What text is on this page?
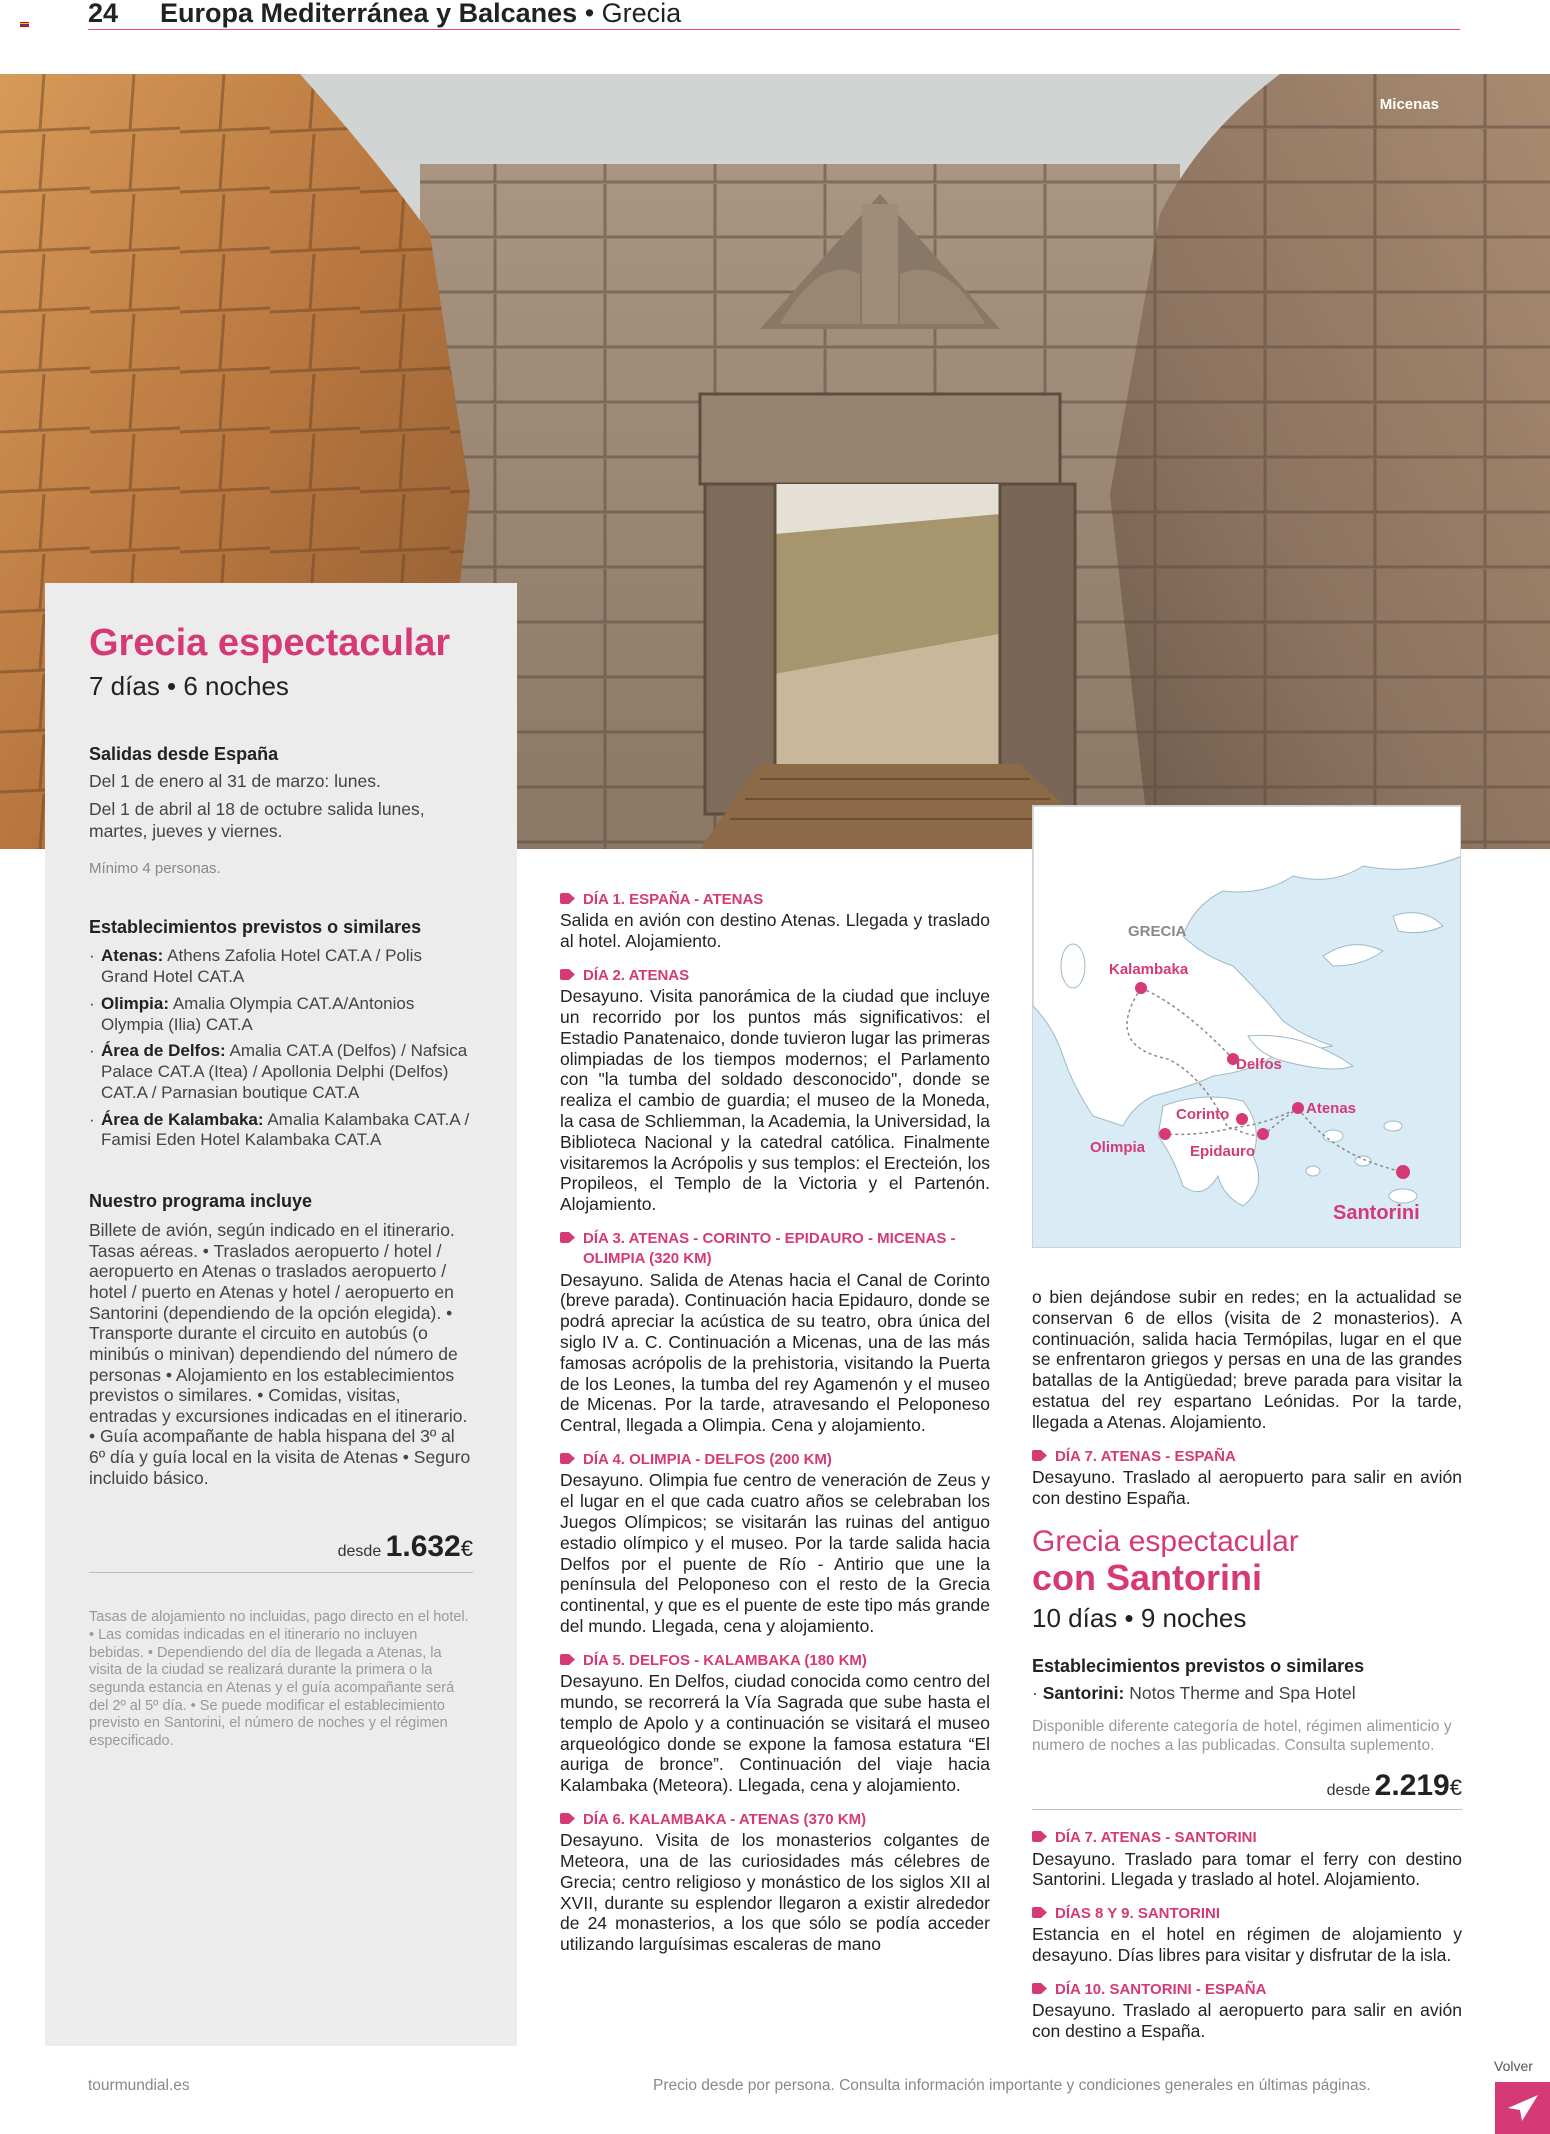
24 Europa Mediterránea y Balcanes • Grecia
Micenas
Grecia espectacular
7 días • 6 noches
Salidas desde España
Del 1 de enero al 31 de marzo: lunes.
Del 1 de abril al 18 de octubre salida lunes, martes, jueves y viernes.
Mínimo 4 personas.
Establecimientos previstos o similares
· Atenas: Athens Zafolia Hotel CAT.A / Polis Grand Hotel CAT.A
· Olimpia: Amalia Olympia CAT.A/Antonios Olympia (Ilia) CAT.A
· Área de Delfos: Amalia CAT.A (Delfos) / Nafsica Palace CAT.A (Itea) / Apollonia Delphi (Delfos) CAT.A / Parnasian boutique CAT.A
· Área de Kalambaka: Amalia Kalambaka CAT.A / Famisi Eden Hotel Kalambaka CAT.A
Nuestro programa incluye
Billete de avión, según indicado en el itinerario. Tasas aéreas. • Traslados aeropuerto / hotel / aeropuerto en Atenas o traslados aeropuerto / hotel / puerto en Atenas y hotel / aeropuerto en Santorini (dependiendo de la opción elegida). • Transporte durante el circuito en autobús (o minibús o minivan) dependiendo del número de personas • Alojamiento en los establecimientos previstos o similares. • Comidas, visitas, entradas y excursiones indicadas en el itinerario. • Guía acompañante de habla hispana del 3º al 6º día y guía local en la visita de Atenas • Seguro incluido básico.
desde 1.632€
Tasas de alojamiento no incluidas, pago directo en el hotel. • Las comidas indicadas en el itinerario no incluyen bebidas. • Dependiendo del día de llegada a Atenas, la visita de la ciudad se realizará durante la primera o la segunda estancia en Atenas y el guía acompañante será del 2º al 5º día. • Se puede modificar el establecimiento previsto en Santorini, el número de noches y el régimen especificado.
DÍA 1. ESPAÑA - ATENAS
Salida en avión con destino Atenas. Llegada y traslado al hotel. Alojamiento.
DÍA 2. ATENAS
Desayuno. Visita panorámica de la ciudad que incluye un recorrido por los puntos más significativos: el Estadio Panatenaico, donde tuvieron lugar las primeras olimpiadas de los tiempos modernos; el Parlamento con "la tumba del soldado desconocido", donde se realiza el cambio de guardia; el museo de la Moneda, la casa de Schliemman, la Academia, la Universidad, la Biblioteca Nacional y la catedral católica. Finalmente visitaremos la Acrópolis y sus templos: el Erecteión, los Propileos, el Templo de la Victoria y el Partenón. Alojamiento.
DÍA 3. ATENAS - CORINTO - EPIDAURO - MICENAS - OLIMPIA (320 KM)
Desayuno. Salida de Atenas hacia el Canal de Corinto (breve parada). Continuación hacia Epidauro, donde se podrá apreciar la acústica de su teatro, obra única del siglo IV a. C. Continuación a Micenas, una de las más famosas acrópolis de la prehistoria, visitando la Puerta de los Leones, la tumba del rey Agamenón y el museo de Micenas. Por la tarde, atravesando el Peloponeso Central, llegada a Olimpia. Cena y alojamiento.
DÍA 4. OLIMPIA - DELFOS (200 KM)
Desayuno. Olimpia fue centro de veneración de Zeus y el lugar en el que cada cuatro años se celebraban los Juegos Olímpicos; se visitarán las ruinas del antiguo estadio olímpico y el museo. Por la tarde salida hacia Delfos por el puente de Río - Antirio que une la península del Peloponeso con el resto de la Grecia continental, y que es el puente de este tipo más grande del mundo. Llegada, cena y alojamiento.
DÍA 5. DELFOS - KALAMBAKA (180 KM)
Desayuno. En Delfos, ciudad conocida como centro del mundo, se recorrerá la Vía Sagrada que sube hasta el templo de Apolo y a continuación se visitará el museo arqueológico donde se expone la famosa estatura “El auriga de bronce”. Continuación del viaje hacia Kalambaka (Meteora). Llegada, cena y alojamiento.
DÍA 6. KALAMBAKA - ATENAS (370 KM)
Desayuno. Visita de los monasterios colgantes de Meteora, una de las curiosidades más célebres de Grecia; centro religioso y monástico de los siglos XII al XVII, durante su esplendor llegaron a existir alrededor de 24 monasterios, a los que sólo se podía acceder utilizando larguísimas escaleras de mano
GRECIA
Kalambaka
Delfos
Corinto	Atenas
Olimpia	Epidauro
Santorini
o bien dejándose subir en redes; en la actualidad se conservan 6 de ellos (visita de 2 monasterios). A continuación, salida hacia Termópilas, lugar en el que se enfrentaron griegos y persas en una de las grandes batallas de la Antigüedad; breve parada para visitar la estatua del rey espartano Leónidas. Por la tarde, llegada a Atenas. Alojamiento.
DÍA 7. ATENAS - ESPAÑA
Desayuno. Traslado al aeropuerto para salir en avión con destino España.
Grecia espectacular
con Santorini
10 días • 9 noches
Establecimientos previstos o similares
· Santorini: Notos Therme and Spa Hotel
Disponible diferente categoría de hotel, régimen alimenticio y numero de noches a las publicadas. Consulta suplemento.
desde 2.219€
DÍA 7. ATENAS - SANTORINI
Desayuno. Traslado para tomar el ferry con destino Santorini. Llegada y traslado al hotel. Alojamiento.
DÍAS 8 Y 9. SANTORINI
Estancia en el hotel en régimen de alojamiento y desayuno. Días libres para visitar y disfrutar de la isla.
DÍA 10. SANTORINI - ESPAÑA
Desayuno. Traslado al aeropuerto para salir en avión con destino a España.
tourmundial.es	Precio desde por persona. Consulta información importante y condiciones generales en últimas páginas.
Volver
